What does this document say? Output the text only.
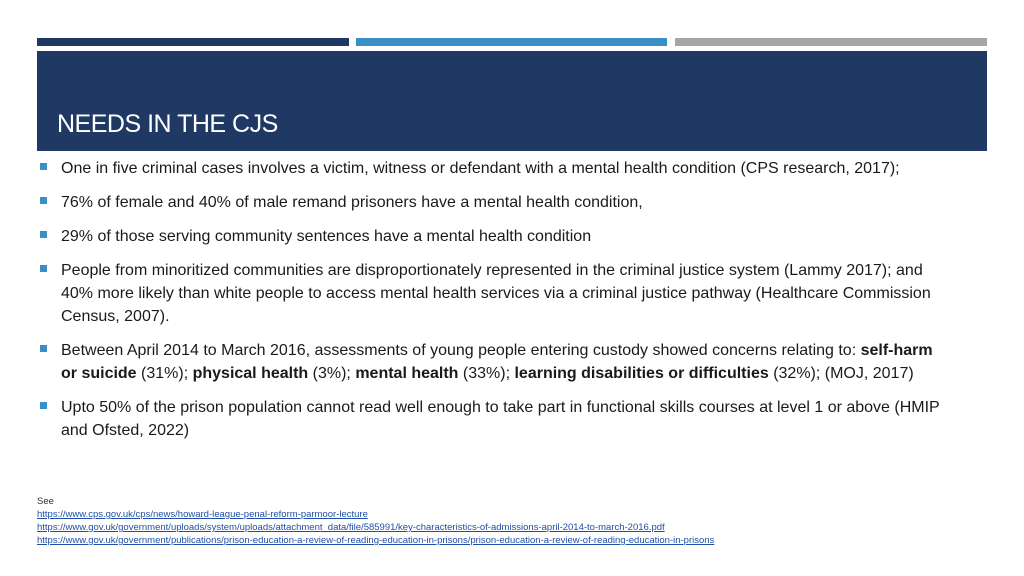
NEEDS IN THE CJS
One in five criminal cases involves a victim, witness or defendant with a mental health condition (CPS research, 2017);
76% of female and 40% of male remand prisoners have a mental health condition,
29% of those serving community sentences have a mental health condition
People from minoritized communities are disproportionately represented in the criminal justice system (Lammy 2017); and 40% more likely than white people to access mental health services via a criminal justice pathway (Healthcare Commission Census, 2007).
Between April 2014 to March 2016, assessments of young people entering custody showed concerns relating to: self-harm or suicide (31%); physical health (3%); mental health (33%); learning disabilities or difficulties (32%); (MOJ, 2017)
Upto 50% of the prison population cannot read well enough to take part in functional skills courses at level 1 or above (HMIP and Ofsted, 2022)
See
https://www.cps.gov.uk/cps/news/howard-league-penal-reform-parmoor-lecture
https://www.gov.uk/government/uploads/system/uploads/attachment_data/file/585991/key-characteristics-of-admissions-april-2014-to-march-2016.pdf
https://www.gov.uk/government/publications/prison-education-a-review-of-reading-education-in-prisons/prison-education-a-review-of-reading-education-in-prisons
